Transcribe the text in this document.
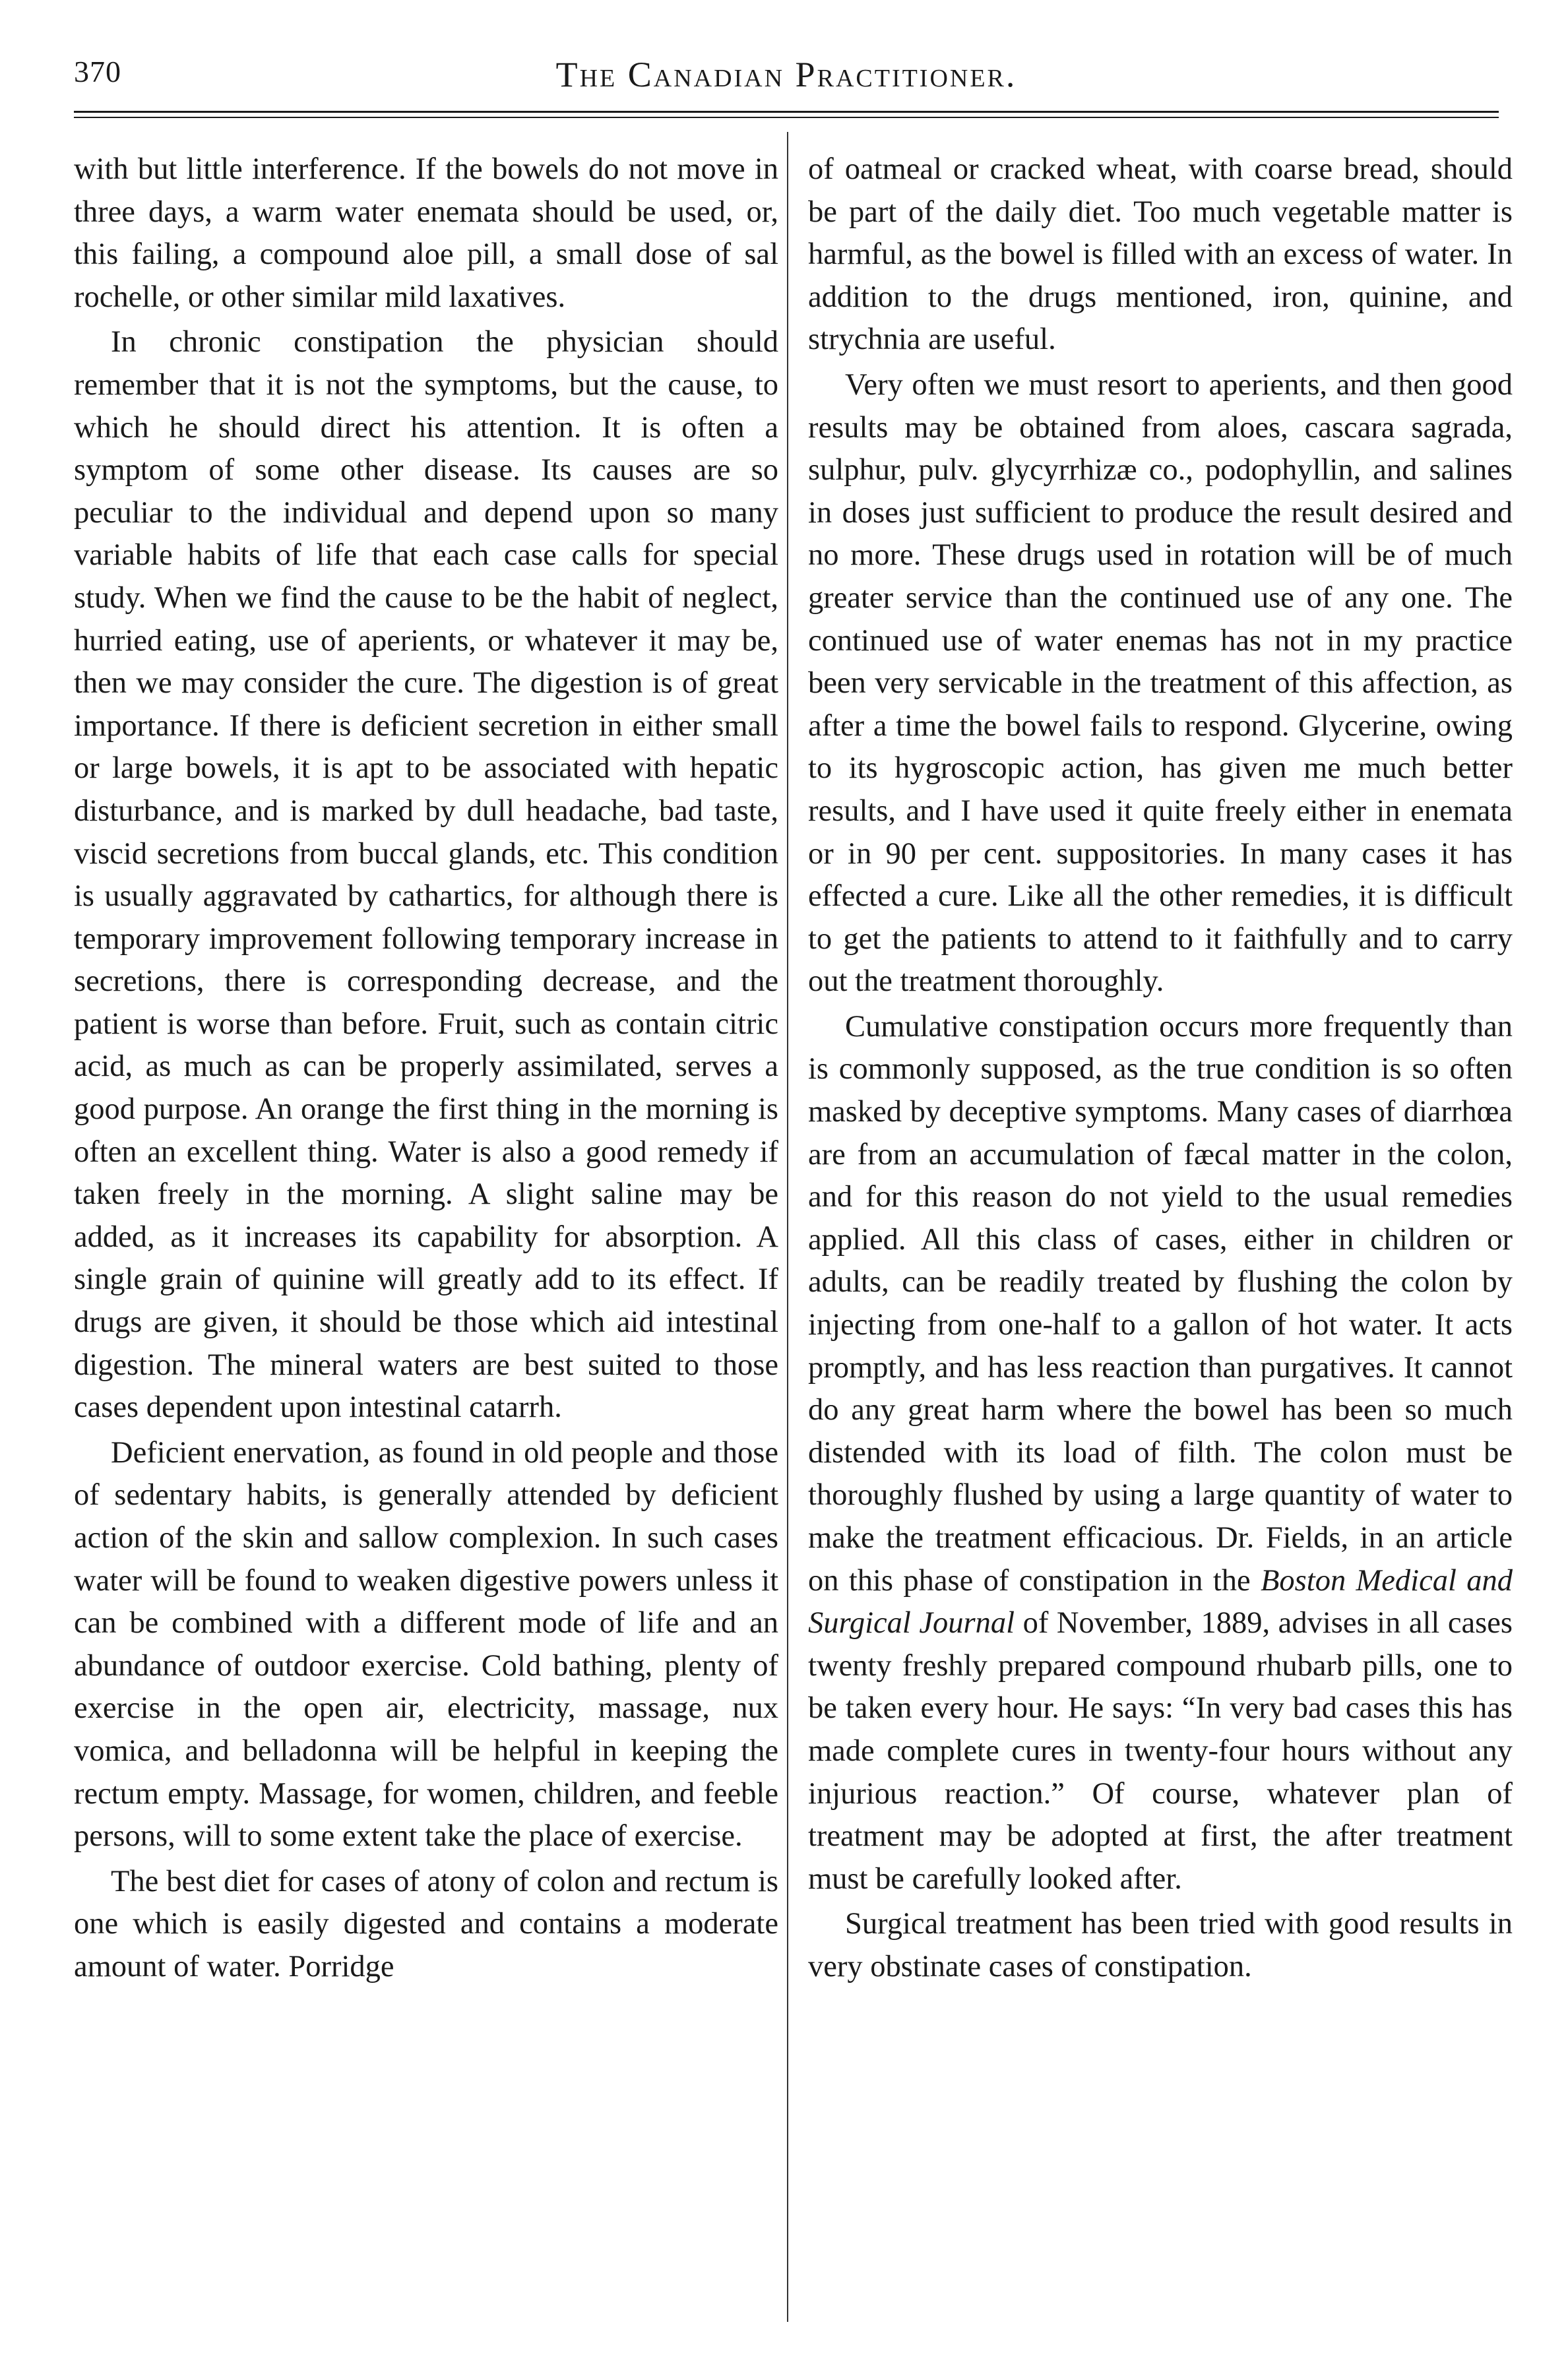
370	The Canadian Practitioner.

with but little interference. If the bowels do not move in three days, a warm water enemata should be used, or, this failing, a compound aloe pill, a small dose of sal rochelle, or other similar mild laxatives.

In chronic constipation the physician should remember that it is not the symptoms, but the cause, to which he should direct his attention. It is often a symptom of some other disease. Its causes are so peculiar to the individual and depend upon so many variable habits of life that each case calls for special study. When we find the cause to be the habit of neglect, hurried eating, use of aperients, or whatever it may be, then we may consider the cure. The digestion is of great importance. If there is deficient secretion in either small or large bowels, it is apt to be associated with hepatic disturbance, and is marked by dull headache, bad taste, viscid secretions from buccal glands, etc. This condition is usually aggravated by cathartics, for although there is temporary improvement following temporary increase in secretions, there is corresponding decrease, and the patient is worse than before. Fruit, such as contain citric acid, as much as can be properly assimilated, serves a good purpose. An orange the first thing in the morning is often an excellent thing. Water is also a good remedy if taken freely in the morning. A slight saline may be added, as it increases its capability for absorption. A single grain of quinine will greatly add to its effect. If drugs are given, it should be those which aid intestinal digestion. The mineral waters are best suited to those cases dependent upon intestinal catarrh.

Deficient enervation, as found in old people and those of sedentary habits, is generally attended by deficient action of the skin and sallow complexion. In such cases water will be found to weaken digestive powers unless it can be combined with a different mode of life and an abundance of outdoor exercise. Cold bathing, plenty of exercise in the open air, electricity, massage, nux vomica, and belladonna will be helpful in keeping the rectum empty. Massage, for women, children, and feeble persons, will to some extent take the place of exercise.

The best diet for cases of atony of colon and rectum is one which is easily digested and contains a moderate amount of water. Porridge

of oatmeal or cracked wheat, with coarse bread, should be part of the daily diet. Too much vegetable matter is harmful, as the bowel is filled with an excess of water. In addition to the drugs mentioned, iron, quinine, and strychnia are useful.

Very often we must resort to aperients, and then good results may be obtained from aloes, cascara sagrada, sulphur, pulv. glycyrrhizæ co., podophyllin, and salines in doses just sufficient to produce the result desired and no more. These drugs used in rotation will be of much greater service than the continued use of any one. The continued use of water enemas has not in my practice been very servicable in the treatment of this affection, as after a time the bowel fails to respond. Glycerine, owing to its hygroscopic action, has given me much better results, and I have used it quite freely either in enemata or in 90 per cent. suppositories. In many cases it has effected a cure. Like all the other remedies, it is difficult to get the patients to attend to it faithfully and to carry out the treatment thoroughly.

Cumulative constipation occurs more frequently than is commonly supposed, as the true condition is so often masked by deceptive symptoms. Many cases of diarrhœa are from an accumulation of fæcal matter in the colon, and for this reason do not yield to the usual remedies applied. All this class of cases, either in children or adults, can be readily treated by flushing the colon by injecting from one-half to a gallon of hot water. It acts promptly, and has less reaction than purgatives. It cannot do any great harm where the bowel has been so much distended with its load of filth. The colon must be thoroughly flushed by using a large quantity of water to make the treatment efficacious. Dr. Fields, in an article on this phase of constipation in the Boston Medical and Surgical Journal of November, 1889, advises in all cases twenty freshly prepared compound rhubarb pills, one to be taken every hour. He says: “In very bad cases this has made complete cures in twenty-four hours without any injurious reaction.” Of course, whatever plan of treatment may be adopted at first, the after treatment must be carefully looked after.

Surgical treatment has been tried with good results in very obstinate cases of constipation.
